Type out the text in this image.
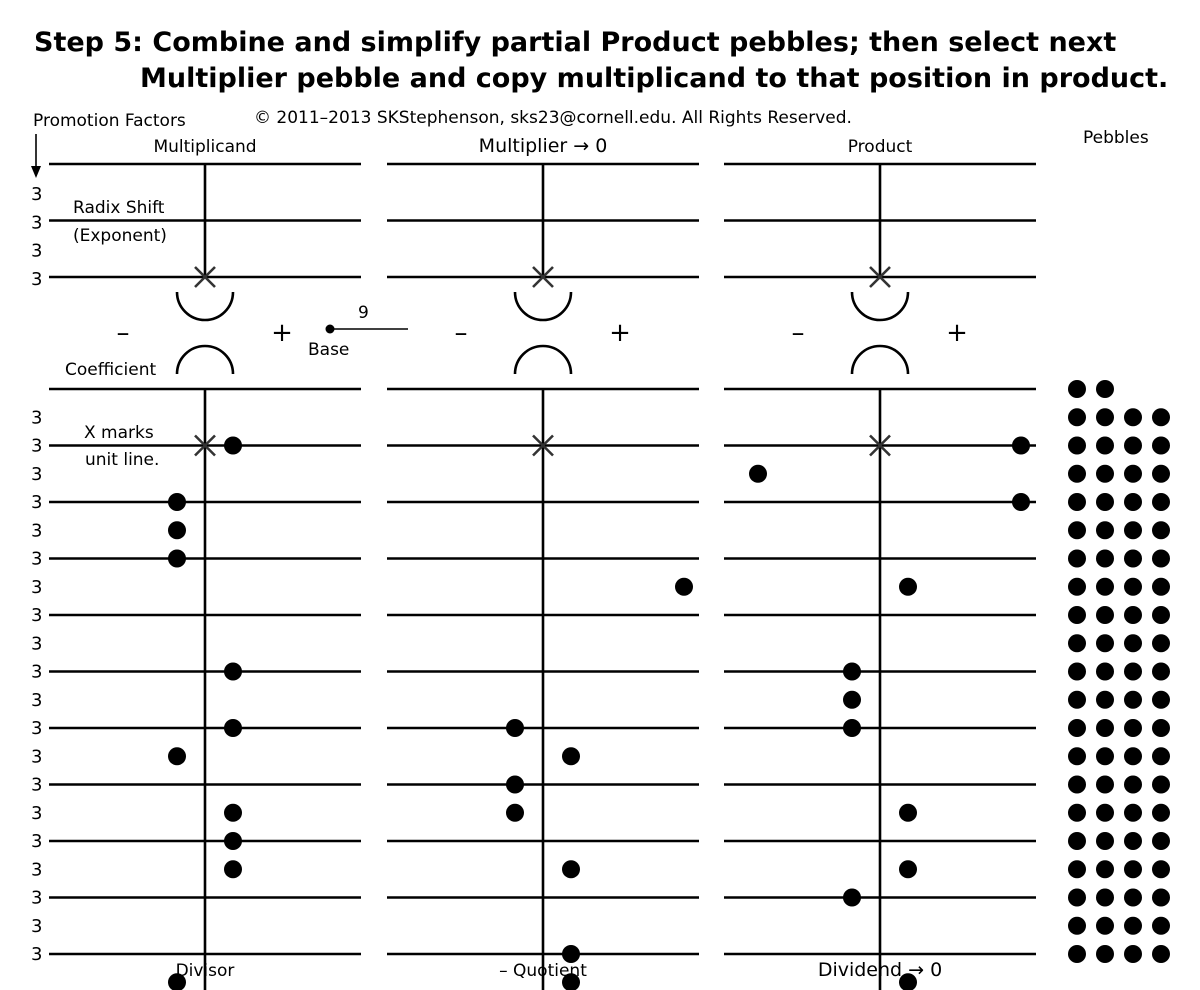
Step 5: Combine and simplify partial Product pebbles; then select next
Multiplier pebble and copy multiplicand to that position in product.
© 2011–2013 SKStephenson, sks23@cornell.edu. All Rights Reserved.
Promotion Factors
Pebbles
Radix Shift
(Exponent)
Coefficient
X marks
unit line.
9
Base
Multiplicand
–	+
Divisor
Multiplier → 0
–	+
– Quotient
Product
–	+
Dividend → 0
3
3
3
3
3
3
3
3
3
3
3
3
3
3
3
3
3
3
3
3
3
3
3
3
